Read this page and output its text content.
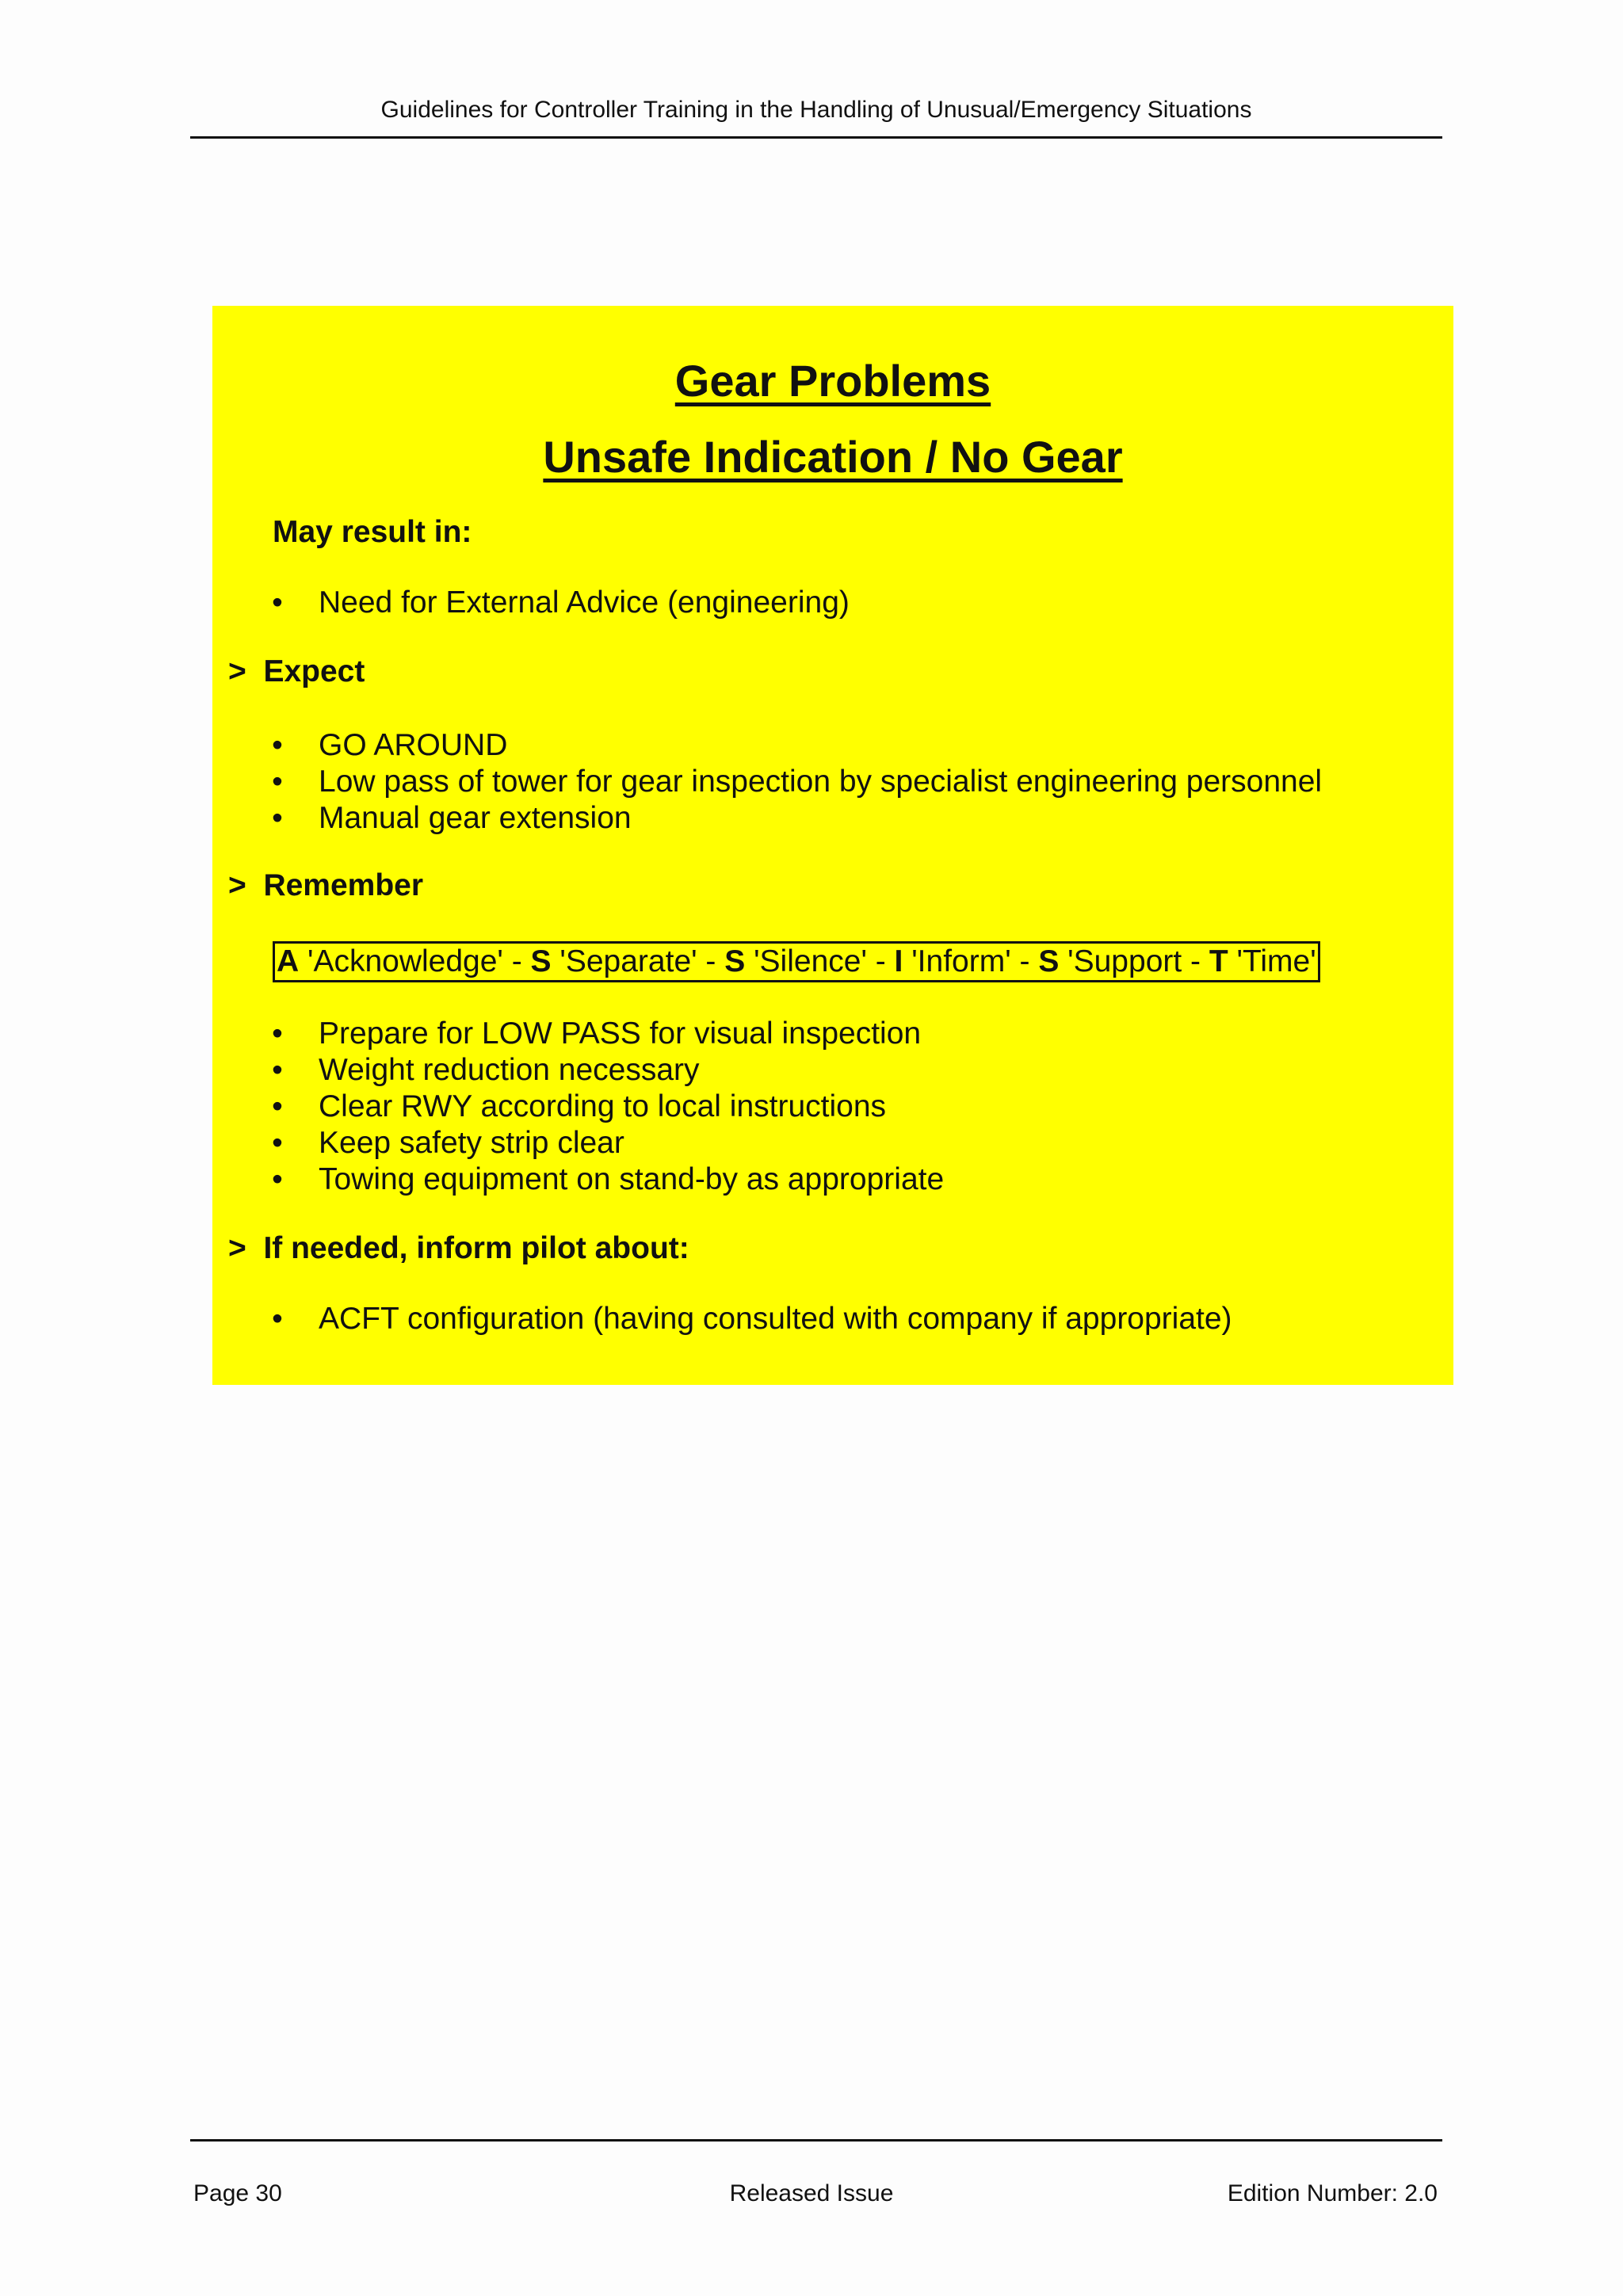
Guidelines for Controller Training in the Handling of Unusual/Emergency Situations
Gear Problems
Unsafe Indication / No Gear
May result in:
• Need for External Advice (engineering)
>  Expect
• GO AROUND
• Low pass of tower for gear inspection by specialist engineering personnel
• Manual gear extension
>  Remember
A 'Acknowledge' - S 'Separate' - S 'Silence' - I 'Inform' - S 'Support - T 'Time'
• Prepare for LOW PASS for visual inspection
• Weight reduction necessary
• Clear RWY according to local instructions
• Keep safety strip clear
• Towing equipment on stand-by as appropriate
>  If needed, inform pilot about:
• ACFT configuration (having consulted with company if appropriate)
Page 30	Released Issue	Edition Number: 2.0
